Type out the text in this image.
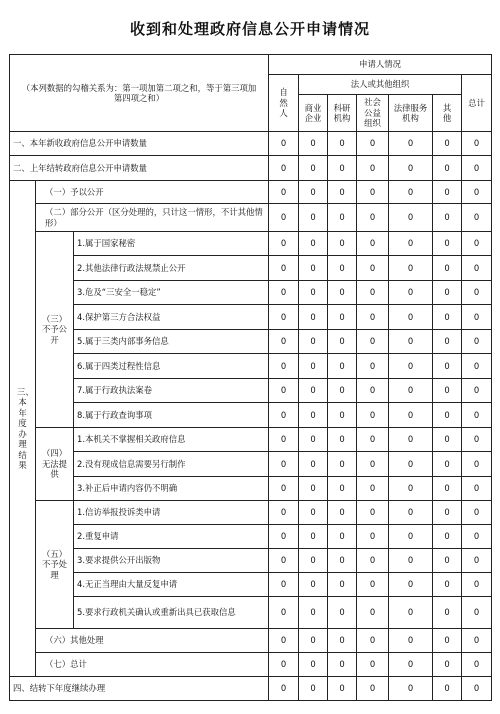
收到和处理政府信息公开申请情况
（本列数据的勾稽关系为：第一项加第二项之和，等于第三项加第四项之和）			申请人情况						
			自然人	法人或其他组织					总计
				商业企业	科研机构	社会公益组织	法律服务机构	其他	
一、本年新收政府信息公开申请数量			0	0	0	0	0	0	0
二、上年结转政府信息公开申请数量			0	0	0	0	0	0	0
三、本年度办理结果	（一）予以公开		0	0	0	0	0	0	0
	（二）部分公开（区分处理的，只计这一情形，不计其他情形）		0	0	0	0	0	0	0
	（三）不予公开	1.属于国家秘密	0	0	0	0	0	0	0
		2.其他法律行政法规禁止公开	0	0	0	0	0	0	0
		3.危及“三安全一稳定”	0	0	0	0	0	0	0
		4.保护第三方合法权益	0	0	0	0	0	0	0
		5.属于三类内部事务信息	0	0	0	0	0	0	0
		6.属于四类过程性信息	0	0	0	0	0	0	0
		7.属于行政执法案卷	0	0	0	0	0	0	0
		8.属于行政查询事项	0	0	0	0	0	0	0
	（四）无法提供	1.本机关不掌握相关政府信息	0	0	0	0	0	0	0
		2.没有现成信息需要另行制作	0	0	0	0	0	0	0
		3.补正后申请内容仍不明确	0	0	0	0	0	0	0
	（五）不予处理	1.信访举报投诉类申请	0	0	0	0	0	0	0
		2.重复申请	0	0	0	0	0	0	0
		3.要求提供公开出版物	0	0	0	0	0	0	0
		4.无正当理由大量反复申请	0	0	0	0	0	0	0
		5.要求行政机关确认或重新出具已获取信息	0	0	0	0	0	0	0
	（六）其他处理		0	0	0	0	0	0	0
	（七）总计		0	0	0	0	0	0	0
四、结转下年度继续办理			0	0	0	0	0	0	0
